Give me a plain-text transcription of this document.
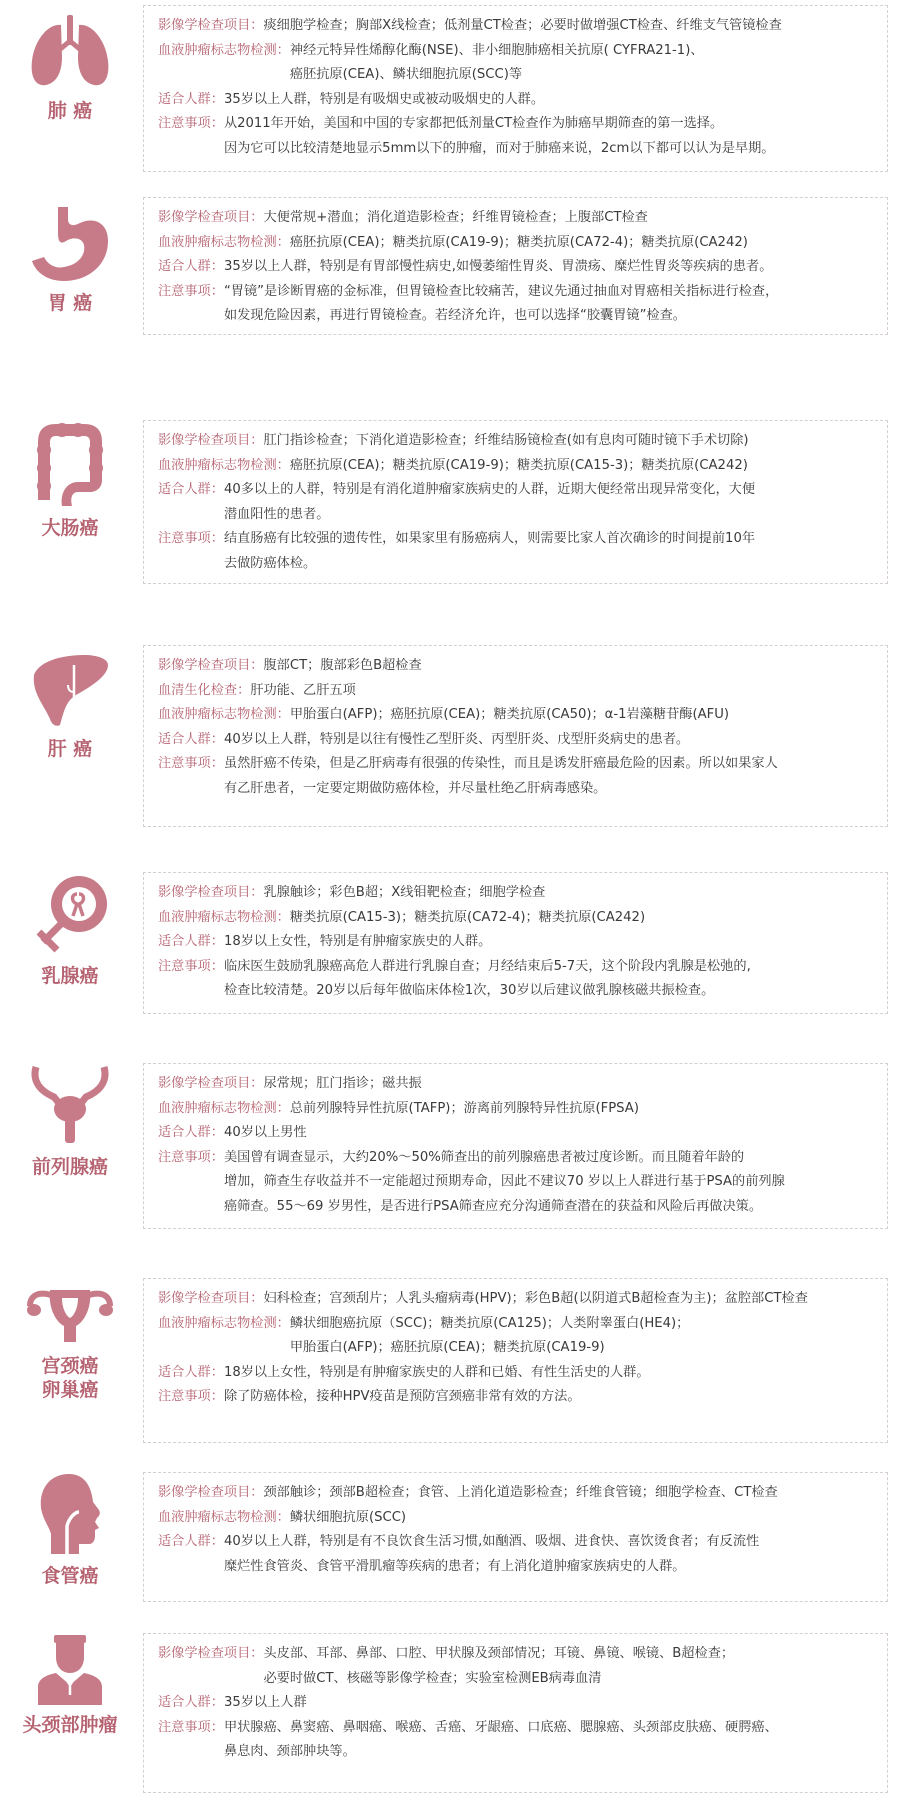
肺 癌
影像学检查项目： 痰细胞学检查；胸部X线检查；低剂量CT检查；必要时做增强CT检查、纤维支气管镜检查
血液肿瘤标志物检测： 神经元特异性烯醇化酶(NSE)、非小细胞肺癌相关抗原( CYFRA21-1)、
癌胚抗原(CEA)、鳞状细胞抗原(SCC)等
适合人群： 35岁以上人群，特别是有吸烟史或被动吸烟史的人群。
注意事项： 从2011年开始，美国和中国的专家都把低剂量CT检查作为肺癌早期筛查的第一选择。
因为它可以比较清楚地显示5mm以下的肿瘤，而对于肺癌来说，2cm以下都可以认为是早期。
胃 癌
影像学检查项目： 大便常规+潜血；消化道造影检查；纤维胃镜检查；上腹部CT检查
血液肿瘤标志物检测： 癌胚抗原(CEA)；糖类抗原(CA19-9)；糖类抗原(CA72-4)；糖类抗原(CA242)
适合人群： 35岁以上人群，特别是有胃部慢性病史,如慢萎缩性胃炎、胃溃疡、糜烂性胃炎等疾病的患者。
注意事项： “胃镜”是诊断胃癌的金标准，但胃镜检查比较痛苦，建议先通过抽血对胃癌相关指标进行检查，
如发现危险因素，再进行胃镜检查。若经济允许，也可以选择“胶囊胃镜”检查。
大肠癌
影像学检查项目： 肛门指诊检查；下消化道造影检查；纤维结肠镜检查(如有息肉可随时镜下手术切除)
血液肿瘤标志物检测： 癌胚抗原(CEA)；糖类抗原(CA19-9)；糖类抗原(CA15-3)；糖类抗原(CA242)
适合人群： 40多以上的人群，特别是有消化道肿瘤家族病史的人群，近期大便经常出现异常变化，大便
潜血阳性的患者。
注意事项： 结直肠癌有比较强的遗传性，如果家里有肠癌病人，则需要比家人首次确诊的时间提前10年
去做防癌体检。
肝 癌
影像学检查项目： 腹部CT；腹部彩色B超检查
血清生化检查： 肝功能、乙肝五项
血液肿瘤标志物检测： 甲胎蛋白(AFP)；癌胚抗原(CEA)；糖类抗原(CA50)；α-1岩藻糖苷酶(AFU)
适合人群： 40岁以上人群，特别是以往有慢性乙型肝炎、丙型肝炎、戊型肝炎病史的患者。
注意事项： 虽然肝癌不传染，但是乙肝病毒有很强的传染性，而且是诱发肝癌最危险的因素。所以如果家人
有乙肝患者，一定要定期做防癌体检，并尽量杜绝乙肝病毒感染。
乳腺癌
影像学检查项目： 乳腺触诊；彩色B超；X线钼靶检查；细胞学检查
血液肿瘤标志物检测： 糖类抗原(CA15-3)；糖类抗原(CA72-4)；糖类抗原(CA242)
适合人群： 18岁以上女性，特别是有肿瘤家族史的人群。
注意事项： 临床医生鼓励乳腺癌高危人群进行乳腺自查；月经结束后5-7天，这个阶段内乳腺是松弛的,
检查比较清楚。20岁以后每年做临床体检1次，30岁以后建议做乳腺核磁共振检查。
前列腺癌
影像学检查项目： 尿常规；肛门指诊；磁共振
血液肿瘤标志物检测： 总前列腺特异性抗原(TAFP)；游离前列腺特异性抗原(FPSA)
适合人群： 40岁以上男性
注意事项： 美国曾有调查显示，大约20%～50%筛查出的前列腺癌患者被过度诊断。而且随着年龄的
增加，筛查生存收益并不一定能超过预期寿命，因此不建议70 岁以上人群进行基于PSA的前列腺
癌筛查。55～69 岁男性，是否进行PSA筛查应充分沟通筛查潜在的获益和风险后再做决策。
宫颈癌
卵巢癌
影像学检查项目： 妇科检查；宫颈刮片；人乳头瘤病毒(HPV)；彩色B超(以阴道式B超检查为主)；盆腔部CT检查
血液肿瘤标志物检测： 鳞状细胞癌抗原（SCC)；糖类抗原(CA125)；人类附睾蛋白(HE4)；
甲胎蛋白(AFP)；癌胚抗原(CEA)；糖类抗原(CA19-9)
适合人群： 18岁以上女性，特别是有肿瘤家族史的人群和已婚、有性生活史的人群。
注意事项： 除了防癌体检，接种HPV疫苗是预防宫颈癌非常有效的方法。
食管癌
影像学检查项目： 颈部触诊；颈部B超检查；食管、上消化道造影检查；纤维食管镜；细胞学检查、CT检查
血液肿瘤标志物检测： 鳞状细胞抗原(SCC)
适合人群： 40岁以上人群，特别是有不良饮食生活习惯,如酗酒、吸烟、进食快、喜饮烫食者；有反流性
糜烂性食管炎、食管平滑肌瘤等疾病的患者；有上消化道肿瘤家族病史的人群。
头颈部肿瘤
影像学检查项目： 头皮部、耳部、鼻部、口腔、甲状腺及颈部情况；耳镜、鼻镜、喉镜、B超检查；
必要时做CT、核磁等影像学检查；实验室检测EB病毒血清
适合人群： 35岁以上人群
注意事项： 甲状腺癌、鼻窦癌、鼻咽癌、喉癌、舌癌、牙龈癌、口底癌、腮腺癌、头颈部皮肤癌、硬腭癌、
鼻息肉、颈部肿块等。
